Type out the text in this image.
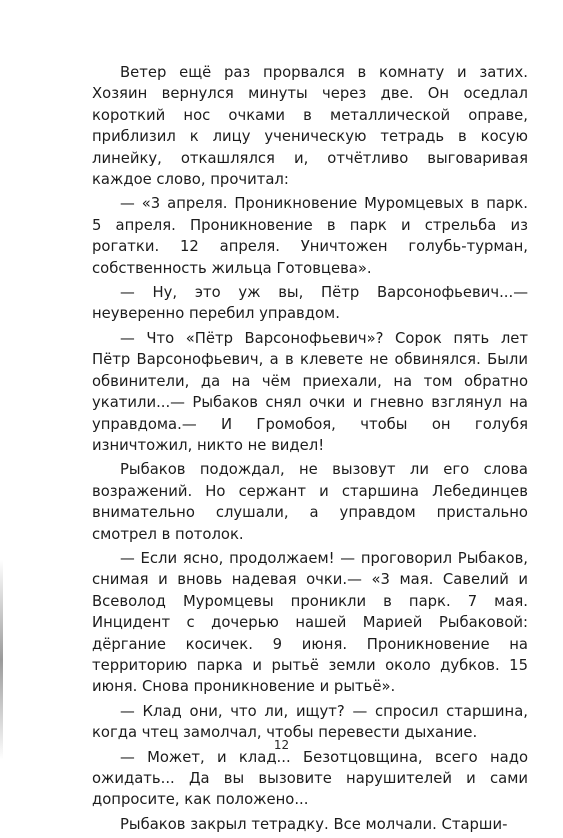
Ветер ещё раз прорвался в комнату и затих. Хозяин вернулся минуты через две. Он оседлал короткий нос очками в металлической оправе, приблизил к лицу ученическую тетрадь в косую линейку, откашлялся и, отчётливо выговаривая каждое слово, прочитал:

— «3 апреля. Проникновение Муромцевых в парк. 5 апреля. Проникновение в парк и стрельба из рогатки. 12 апреля. Уничтожен голубь-турман, собственность жильца Готовцева».

— Ну, это уж вы, Пётр Варсонофьевич...— неуверенно перебил управдом.

— Что «Пётр Варсонофьевич»? Сорок пять лет Пётр Варсонофьевич, а в клевете не обвинялся. Были обвинители, да на чём приехали, на том обратно укатили...— Рыбаков снял очки и гневно взглянул на управдома.— И Громобоя, чтобы он голубя изничтожил, никто не видел!

Рыбаков подождал, не вызовут ли его слова возражений. Но сержант и старшина Лебединцев внимательно слушали, а управдом пристально смотрел в потолок.

— Если ясно, продолжаем! — проговорил Рыбаков, снимая и вновь надевая очки.— «3 мая. Савелий и Всеволод Муромцевы проникли в парк. 7 мая. Инцидент с дочерью нашей Марией Рыбаковой: дёргание косичек. 9 июня. Проникновение на территорию парка и рытьё земли около дубков. 15 июня. Снова проникновение и рытьё».

— Клад они, что ли, ищут? — спросил старшина, когда чтец замолчал, чтобы перевести дыхание.

— Может, и клад... Безотцовщина, всего надо ожидать... Да вы вызовите нарушителей и сами допросите, как положено...

Рыбаков закрыл тетрадку. Все молчали. Старши-

12
